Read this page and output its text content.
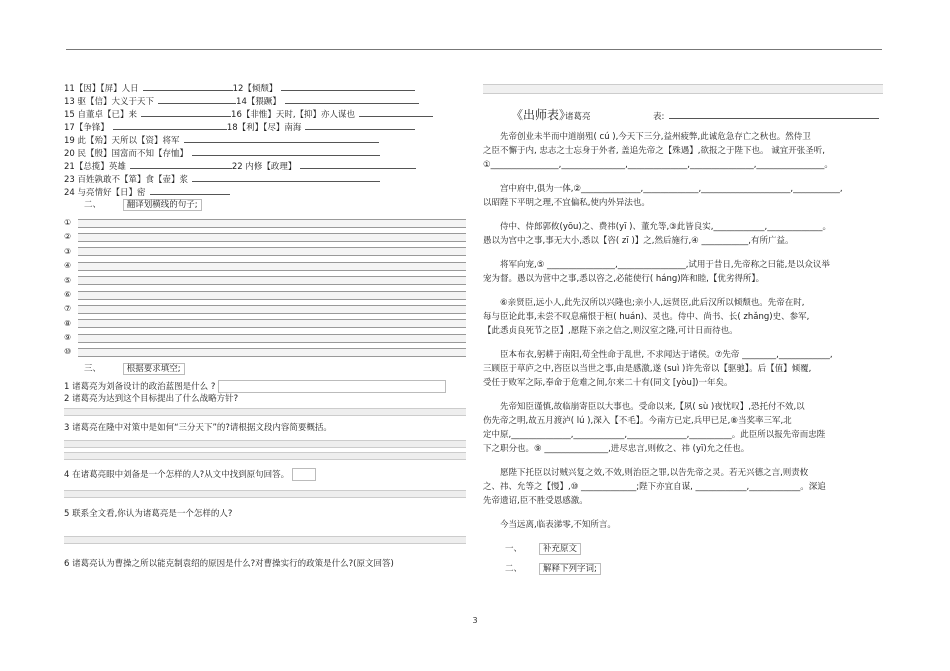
11【因】【屏】人日	12【倾颓】
13 驱【信】大义于天下	14【猥蹶】
15 自董卓【已】来	16【非惟】天时,【抑】亦人谋也
17【争锋】	18【利】【尽】南海
19 此【殆】天所以【资】将军
20 民【殷】国富而不知【存恤】
21【总揽】英雄	22 内修【政理】
23 百姓孰敢不【箪】食【壶】浆
24 与亮情好【日】密
二、	翻译划横线的句子;
①
②
③
④
⑤
⑥
⑦
⑧
⑨
⑩
三、	根据要求填空;
1 诸葛亮为刘备设计的政治蓝图是什么 ?
2 诸葛亮为达到这个目标提出了什么战略方针?
3 诸葛亮在隆中对策中是如何“三分天下”的?请根据文段内容简要概括。
4 在诸葛亮眼中刘备是一个怎样的人?从文中找到原句回答。
5 联系全文看,你认为诸葛亮是一个怎样的人?
6 诸葛亮认为曹操之所以能克制袁绍的原因是什么?对曹操实行的政策是什么?(原文回答)
《出师表》
诸葛亮	表:

先帝创业未半而中道崩殂( cú ),今天下三分,益州疲弊,此诚危急存亡之秋也。然侍卫

之臣不懈于内, 忠志之士忘身于外者, 盖追先帝之【殊遇】,欲报之于陛下也。 诚宜开张圣听,

①________________,_______________,______________,_______________,________________。

宫中府中,俱为一体,②______________,_____________,_____________________,___________,

以昭陛下平明之理,不宜偏私,使内外异法也。

侍中、侍郎郭攸(yōu)之、费祎(yī )、董允等,③此皆良实,____________,_____________。

愚以为宫中之事,事无大小,悉以【咨( zī )】之,然后施行,④ ___________,有所广益。

将军向宠,⑤ ________________,________________,试用于昔日,先帝称之曰能,是以众议举

宠为督。愚以为营中之事,悉以咨之,必能使行( háng)阵和睦,【优劣得所】。

⑥亲贤臣,远小人,此先汉所以兴隆也;亲小人,远贤臣,此后汉所以倾颓也。先帝在时,

每与臣论此事,未尝不叹息痛恨于桓( huán)、灵也。侍中、尚书、长( zhǎng)史、参军,

【此悉贞良死节之臣】,愿陛下亲之信之,则汉室之隆,可计日而待也。

臣本布衣,躬耕于南阳,苟全性命于乱世, 不求闻达于诸侯。⑦先帝 ________,____________,

三顾臣于草庐之中,咨臣以当世之事,由是感激,遂 (suì )许先帝以【驱驰】。后【值】倾覆,

受任于败军之际,奉命于危难之间,尔来二十有(同文 [yòu])一年矣。

先帝知臣谨慎,故临崩寄臣以大事也。受命以来,【夙( sù )夜忧叹】,恐托付不效,以

伤先帝之明,故五月渡泸( lú ),深入【不毛】。今南方已定,兵甲已足,⑧当奖率三军,北

定中原,______________,____________,______________,__________。此臣所以报先帝而忠陛

下之职分也。⑨ _______________,进尽忠言,则攸之、祎 (yī)允之任也。

愿陛下托臣以讨贼兴复之效,不效,则治臣之罪,以告先帝之灵。若无兴德之言,则责攸

之、祎、允等之【慢】,⑩ _____________;陛下亦宜自谋, ____________,____________。深追

先帝遗诏,臣不胜受恩感激。

今当远离,临表涕零,不知所言。

一、 补充原文
二、 解释下列字词;
3
